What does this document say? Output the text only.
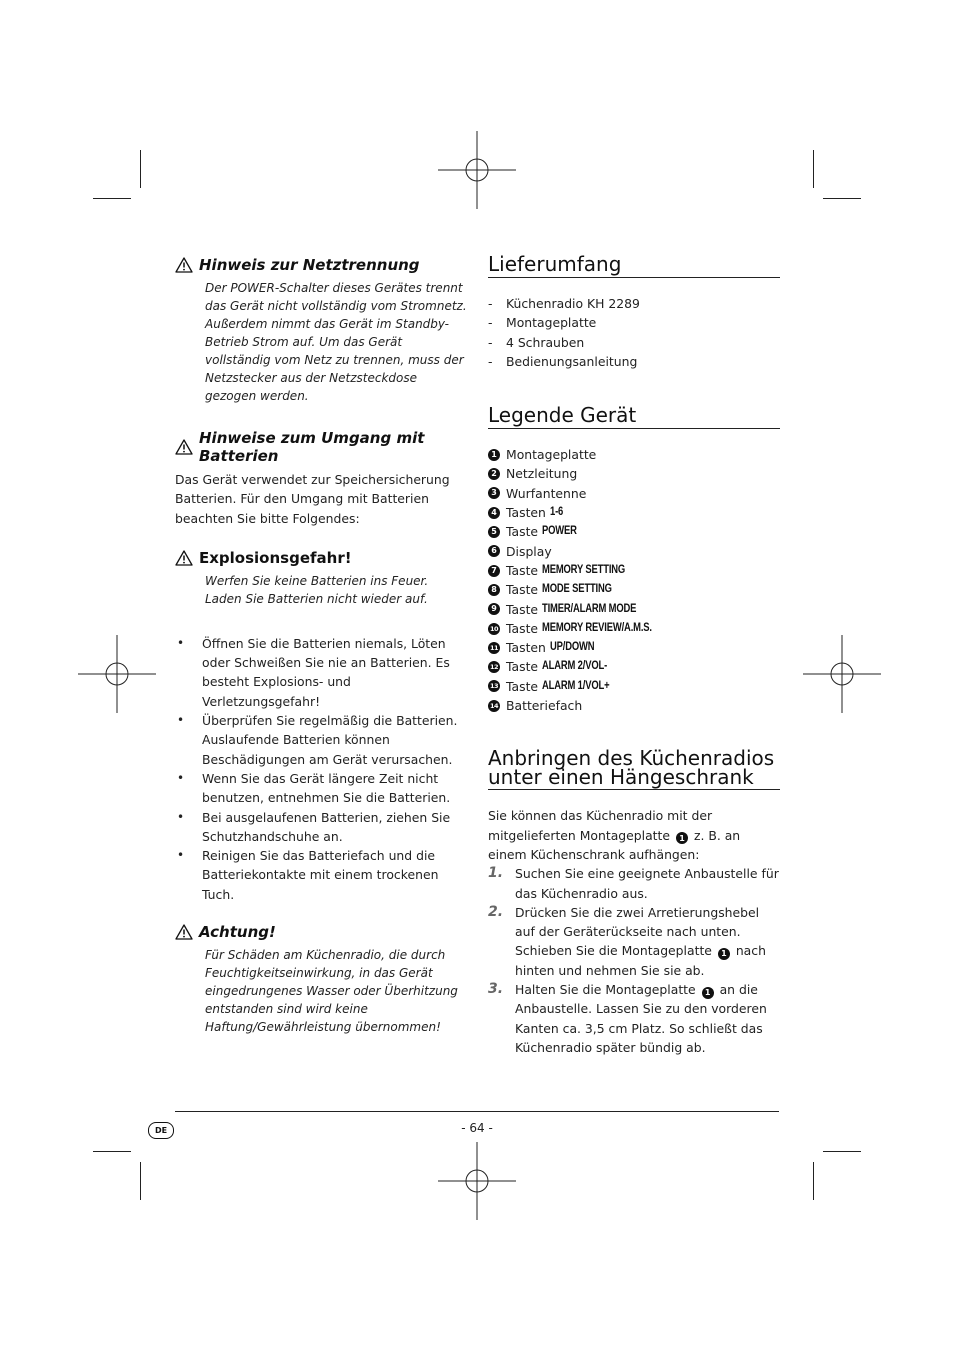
Hinweis zur Netztrennung

Der POWER-Schalter dieses Gerätes trennt das Gerät nicht vollständig vom Stromnetz. Außerdem nimmt das Gerät im Standby-Betrieb Strom auf. Um das Gerät vollständig vom Netz zu trennen, muss der Netzstecker aus der Netzsteckdose gezogen werden.

Hinweise zum Umgang mit Batterien

Das Gerät verwendet zur Speichersicherung Batterien. Für den Umgang mit Batterien beachten Sie bitte Folgendes:

Explosionsgefahr!

Werfen Sie keine Batterien ins Feuer. Laden Sie Batterien nicht wieder auf.

• Öffnen Sie die Batterien niemals, Löten oder Schweißen Sie nie an Batterien. Es besteht Explosions- und Verletzungsgefahr!
• Überprüfen Sie regelmäßig die Batterien. Auslaufende Batterien können Beschädigungen am Gerät verursachen.
• Wenn Sie das Gerät längere Zeit nicht benutzen, entnehmen Sie die Batterien.
• Bei ausgelaufenen Batterien, ziehen Sie Schutzhandschuhe an.
• Reinigen Sie das Batteriefach und die Batteriekontakte mit einem trockenen Tuch.
Achtung!

Für Schäden am Küchenradio, die durch Feuchtigkeitseinwirkung, in das Gerät eingedrungenes Wasser oder Überhitzung entstanden sind wird keine Haftung/Gewährleistung übernommen!

Lieferumfang
- Küchenradio KH 2289
- Montageplatte
- 4 Schrauben
- Bedienungsanleitung
Legende Gerät
1 Montageplatte
2 Netzleitung
3 Wurfantenne
4 Tasten 1-6
5 Taste POWER
6 Display
7 Taste MEMORY SETTING
8 Taste MODE SETTING
9 Taste TIMER/ALARM MODE
10 Taste MEMORY REVIEW/A.M.S.
11 Tasten UP/DOWN
12 Taste ALARM 2/VOL-
13 Taste ALARM 1/VOL+
14 Batteriefach
Anbringen des Küchenradios
unter einen Hängeschrank

Sie können das Küchenradio mit der mitgelieferten Montageplatte 1 z. B. an einem Küchenschrank aufhängen:

1. Suchen Sie eine geeignete Anbaustelle für das Küchenradio aus.
2. Drücken Sie die zwei Arretierungshebel auf der Geräterückseite nach unten. Schieben Sie die Montageplatte 1 nach hinten und nehmen Sie sie ab.
3. Halten Sie die Montageplatte 1 an die Anbaustelle. Lassen Sie zu den vorderen Kanten ca. 3,5 cm Platz. So schließt das Küchenradio später bündig ab.
DE	- 64 -
